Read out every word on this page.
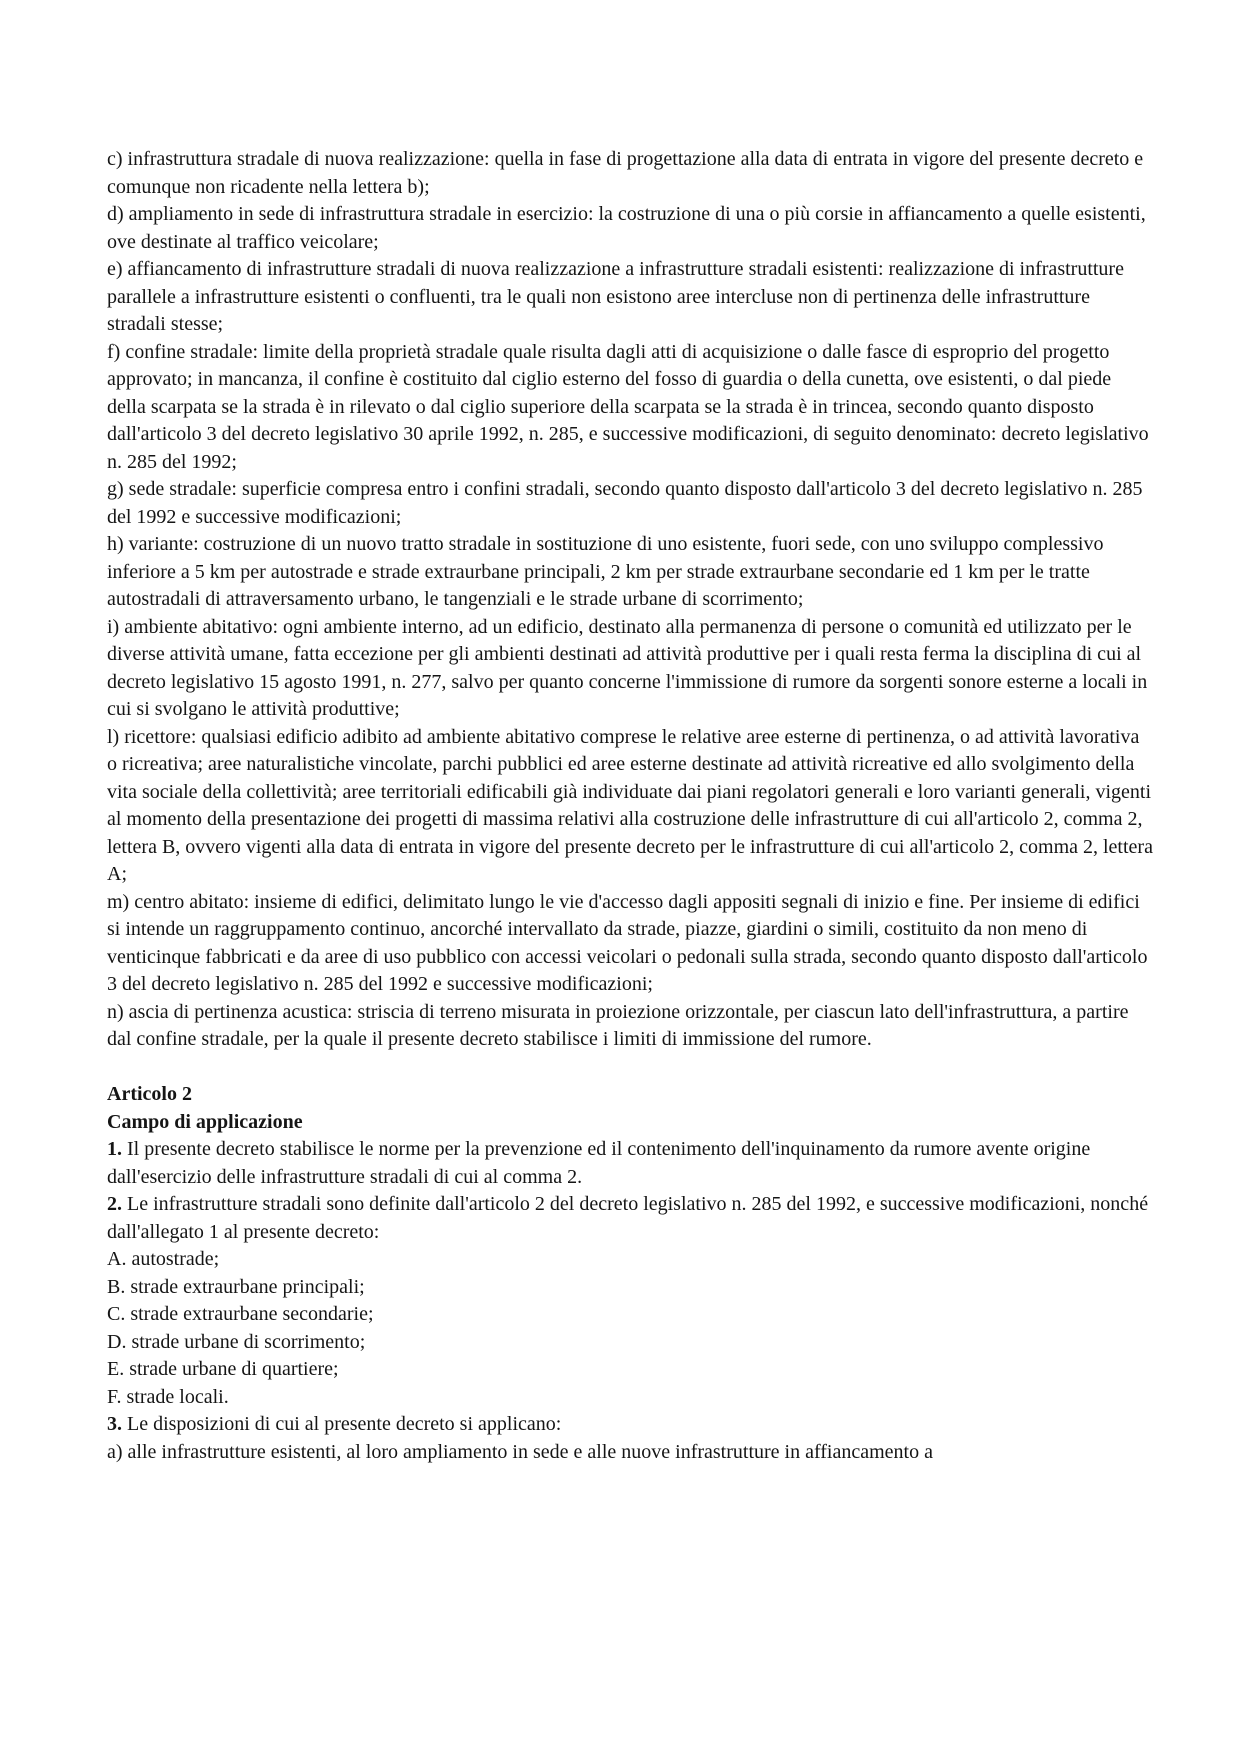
c) infrastruttura stradale di nuova realizzazione: quella in fase di progettazione alla data di entrata in vigore del presente decreto e comunque non ricadente nella lettera b);

d) ampliamento in sede di infrastruttura stradale in esercizio: la costruzione di una o più corsie in affiancamento a quelle esistenti, ove destinate al traffico veicolare;

e) affiancamento di infrastrutture stradali di nuova realizzazione a infrastrutture stradali esistenti: realizzazione di infrastrutture parallele a infrastrutture esistenti o confluenti, tra le quali non esistono aree intercluse non di pertinenza delle infrastrutture stradali stesse;

f) confine stradale: limite della proprietà stradale quale risulta dagli atti di acquisizione o dalle fasce di esproprio del progetto approvato; in mancanza, il confine è costituito dal ciglio esterno del fosso di guardia o della cunetta, ove esistenti, o dal piede della scarpata se la strada è in rilevato o dal ciglio superiore della scarpata se la strada è in trincea, secondo quanto disposto dall'articolo 3 del decreto legislativo 30 aprile 1992, n. 285, e successive modificazioni, di seguito denominato: decreto legislativo n. 285 del 1992;

g) sede stradale: superficie compresa entro i confini stradali, secondo quanto disposto dall'articolo 3 del decreto legislativo n. 285 del 1992 e successive modificazioni;

h) variante: costruzione di un nuovo tratto stradale in sostituzione di uno esistente, fuori sede, con uno sviluppo complessivo inferiore a 5 km per autostrade e strade extraurbane principali, 2 km per strade extraurbane secondarie ed 1 km per le tratte autostradali di attraversamento urbano, le tangenziali e le strade urbane di scorrimento;

i) ambiente abitativo: ogni ambiente interno, ad un edificio, destinato alla permanenza di persone o comunità ed utilizzato per le diverse attività umane, fatta eccezione per gli ambienti destinati ad attività produttive per i quali resta ferma la disciplina di cui al decreto legislativo 15 agosto 1991, n. 277, salvo per quanto concerne l'immissione di rumore da sorgenti sonore esterne a locali in cui si svolgano le attività produttive;

l) ricettore: qualsiasi edificio adibito ad ambiente abitativo comprese le relative aree esterne di pertinenza, o ad attività lavorativa o ricreativa; aree naturalistiche vincolate, parchi pubblici ed aree esterne destinate ad attività ricreative ed allo svolgimento della vita sociale della collettività; aree territoriali edificabili già individuate dai piani regolatori generali e loro varianti generali, vigenti al momento della presentazione dei progetti di massima relativi alla costruzione delle infrastrutture di cui all'articolo 2, comma 2, lettera B, ovvero vigenti alla data di entrata in vigore del presente decreto per le infrastrutture di cui all'articolo 2, comma 2, lettera A;

m) centro abitato: insieme di edifici, delimitato lungo le vie d'accesso dagli appositi segnali di inizio e fine. Per insieme di edifici si intende un raggruppamento continuo, ancorché intervallato da strade, piazze, giardini o simili, costituito da non meno di venticinque fabbricati e da aree di uso pubblico con accessi veicolari o pedonali sulla strada, secondo quanto disposto dall'articolo 3 del decreto legislativo n. 285 del 1992 e successive modificazioni;

n) ascia di pertinenza acustica: striscia di terreno misurata in proiezione orizzontale, per ciascun lato dell'infrastruttura, a partire dal confine stradale, per la quale il presente decreto stabilisce i limiti di immissione del rumore.

Articolo 2

Campo di applicazione

1. Il presente decreto stabilisce le norme per la prevenzione ed il contenimento dell'inquinamento da rumore avente origine dall'esercizio delle infrastrutture stradali di cui al comma 2.

2. Le infrastrutture stradali sono definite dall'articolo 2 del decreto legislativo n. 285 del 1992, e successive modificazioni, nonché dall'allegato 1 al presente decreto:

A. autostrade;

B. strade extraurbane principali;

C. strade extraurbane secondarie;

D. strade urbane di scorrimento;

E. strade urbane di quartiere;

F. strade locali.

3. Le disposizioni di cui al presente decreto si applicano:

a) alle infrastrutture esistenti, al loro ampliamento in sede e alle nuove infrastrutture in affiancamento a
